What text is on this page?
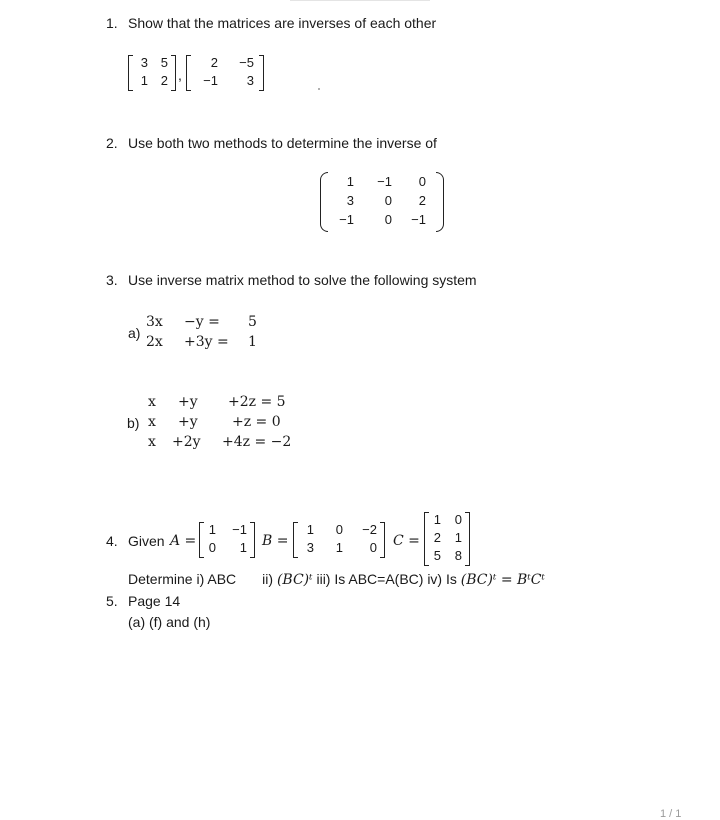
1. Show that the matrices are inverses of each other
3 5
1 2 ,
2	−5
−1	3
2. Use both two methods to determine the inverse of
1	−1	0
3	0	2
−1	0	−1
3. Use inverse matrix method to solve the following system
a)
3x −y = 5
2x +3y = 1
b)
x +y +2z = 5
x +y +z = 0
x +2y +4z = −2
4. Given A =
1	−1
0	1 B =
1	0	−2
3	1	0 C =
1	0
2	1
5	8
Determine i) ABC ii) (BC)ᵗ iii) Is ABC=A(BC) iv) Is (BC)ᵗ = BᵗCᵗ
5. Page 14
(a) (f) and (h)
1 / 1
